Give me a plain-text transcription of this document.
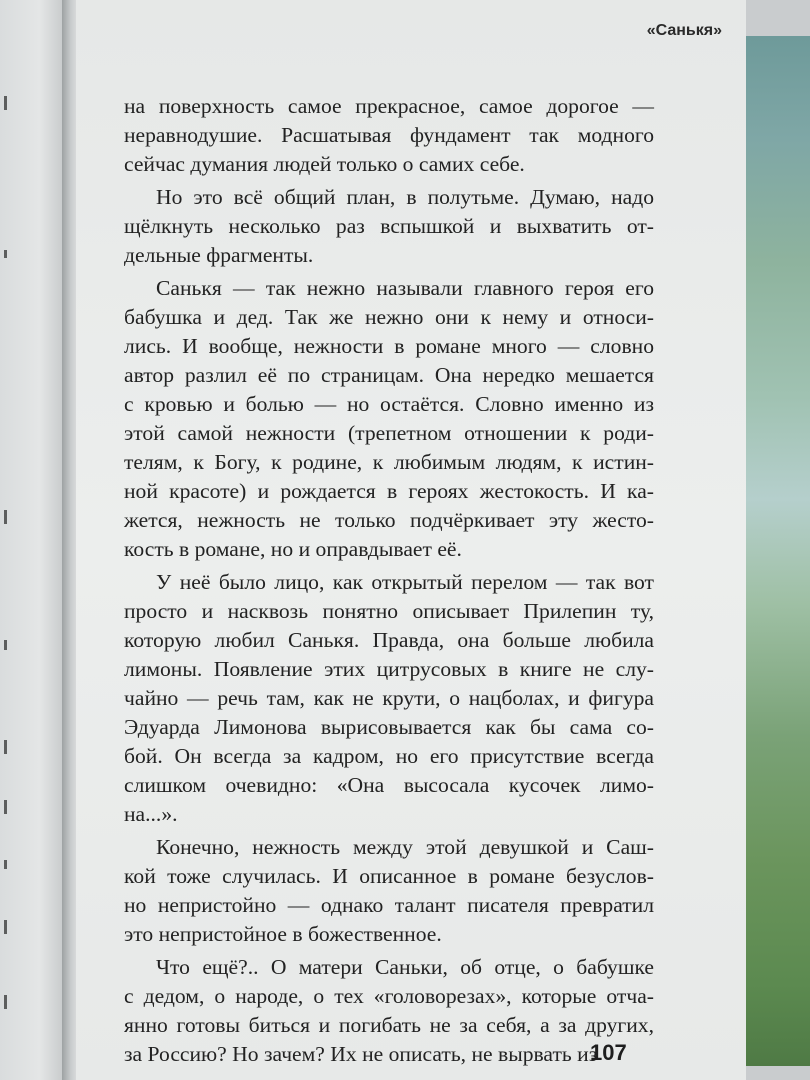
«Санькя»

на поверхность самое прекрасное, самое дорогое —
неравнодушие. Расшатывая фундамент так модного
сейчас думания людей только о самих себе.

Но это всё общий план, в полутьме. Думаю, надо
щёлкнуть несколько раз вспышкой и выхватить от-
дельные фрагменты.

Санькя — так нежно называли главного героя его
бабушка и дед. Так же нежно они к нему и относи-
лись. И вообще, нежности в романе много — словно
автор разлил её по страницам. Она нередко мешается
с кровью и болью — но остаётся. Словно именно из
этой самой нежности (трепетном отношении к роди-
телям, к Богу, к родине, к любимым людям, к истин-
ной красоте) и рождается в героях жестокость. И ка-
жется, нежность не только подчёркивает эту жесто-
кость в романе, но и оправдывает её.

У неё было лицо, как открытый перелом — так вот
просто и насквозь понятно описывает Прилепин ту,
которую любил Санькя. Правда, она больше любила
лимоны. Появление этих цитрусовых в книге не слу-
чайно — речь там, как не крути, о нацболах, и фигура
Эдуарда Лимонова вырисовывается как бы сама со-
бой. Он всегда за кадром, но его присутствие всегда
слишком очевидно: «Она высосала кусочек лимо-
на...».

Конечно, нежность между этой девушкой и Саш-
кой тоже случилась. И описанное в романе безуслов-
но непристойно — однако талант писателя превратил
это непристойное в божественное.

Что ещё?.. О матери Саньки, об отце, о бабушке
с дедом, о народе, о тех «головорезах», которые отча-
янно готовы биться и погибать не за себя, а за других,
за Россию? Но зачем? Их не описать, не вырвать из

107
